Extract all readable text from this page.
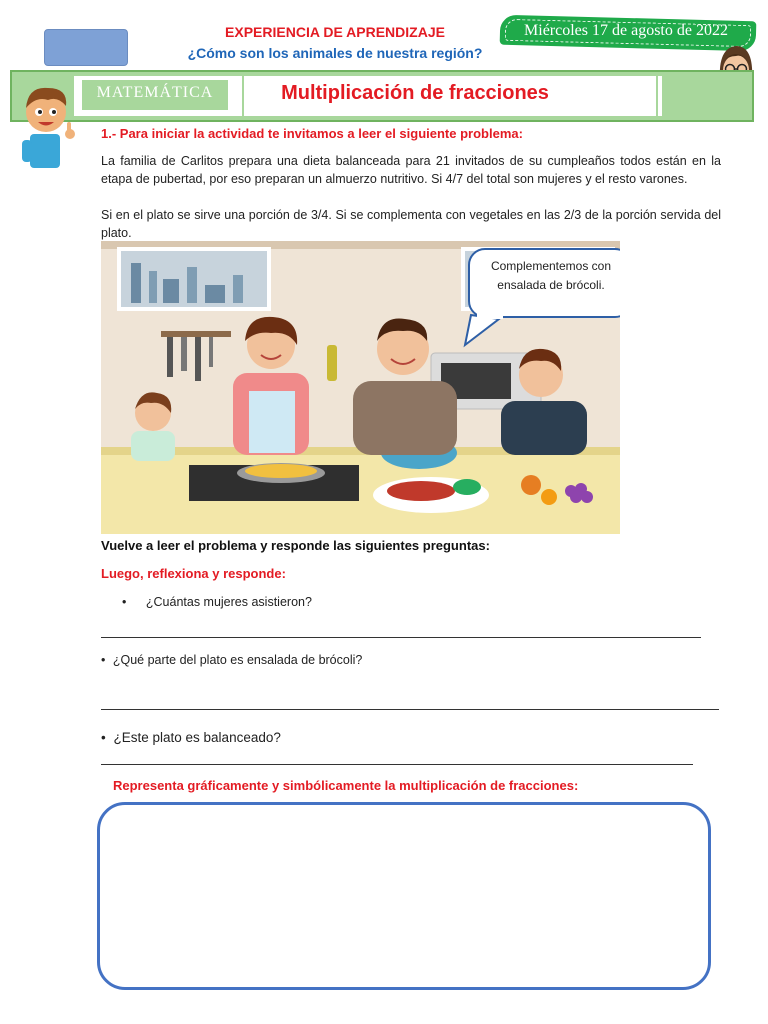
EXPERIENCIA DE APRENDIZAJE
¿Cómo son los animales de nuestra región?
Miércoles 17 de agosto de 2022
MATEMÁTICA	Multiplicación de fracciones
1.- Para iniciar la actividad te invitamos a leer el siguiente problema:
La familia de Carlitos prepara una dieta balanceada para 21 invitados de su cumpleaños todos están en la etapa de pubertad, por eso preparan un almuerzo nutritivo. Si 4/7 del total son mujeres y el resto varones.
Si en el plato se sirve una porción de 3/4. Si se complementa con vegetales en las 2/3 de la porción servida del plato.
Complementemos con
ensalada de brócoli.
Vuelve a leer el problema y responde las siguientes preguntas:
Luego, reflexiona y responde:
• ¿Cuántas mujeres asistieron?
• ¿Qué parte del plato es ensalada de brócoli?
• ¿Este plato es balanceado?
Representa gráficamente y simbólicamente la multiplicación de fracciones:
